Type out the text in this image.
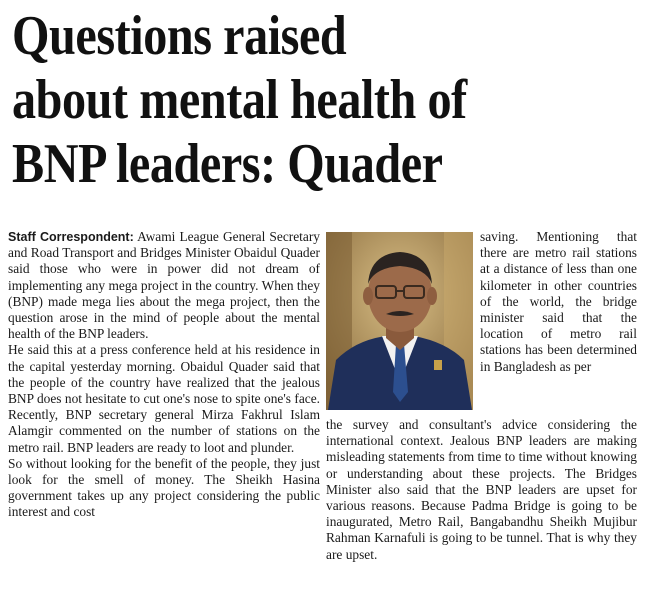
Questions raised
about mental health of
BNP leaders: Quader

Staff Correspondent: Awami League General Secretary and Road Transport and Bridges Minister Obaidul Quader said those who were in power did not dream of implementing any mega project in the country. When they (BNP) made mega lies about the mega project, then the question arose in the mind of people about the mental health of the BNP leaders.

He said this at a press conference held at his residence in the capital yesterday morning. Obaidul Quader said that the people of the country have realized that the jealous BNP does not hesitate to cut one's nose to spite one's face. Recently, BNP secretary general Mirza Fakhrul Islam Alamgir commented on the number of stations on the metro rail. BNP leaders are ready to loot and plunder.

So without looking for the benefit of the people, they just look for the smell of money. The Sheikh Hasina government takes up any project considering the public interest and cost

saving. Mentioning that there are metro rail stations at a distance of less than one kilometer in other countries of the world, the bridge minister said that the location of metro rail stations has been determined in Bangladesh as per
the survey and consultant's advice considering the international context. Jealous BNP leaders are making misleading statements from time to time without knowing or understanding about these projects. The Bridges Minister also said that the BNP leaders are upset for various reasons. Because Padma Bridge is going to be inaugurated, Metro Rail, Bangabandhu Sheikh Mujibur Rahman Karnafuli is going to be tunnel. That is why they are upset.
